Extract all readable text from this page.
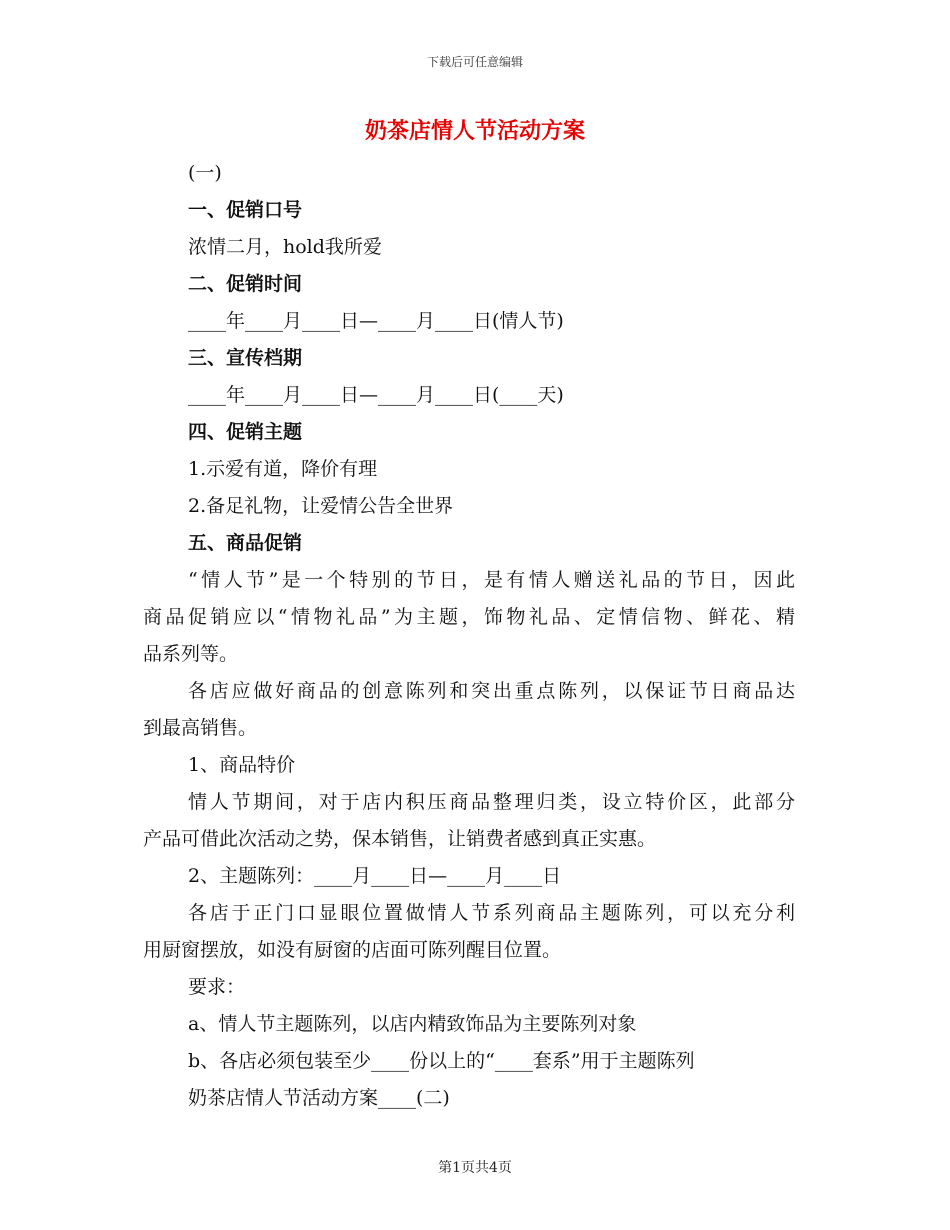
下载后可任意编辑
奶茶店情人节活动方案
(一)
一、促销口号
浓情二月，hold我所爱
二、促销时间
____年____月____日—____月____日(情人节)
三、宣传档期
____年____月____日—____月____日(____天)
四、促销主题
1.示爱有道，降价有理
2.备足礼物，让爱情公告全世界
五、商品促销
“情人节”是一个特别的节日，是有情人赠送礼品的节日，因此
商品促销应以“情物礼品”为主题，饰物礼品、定情信物、鲜花、精
品系列等。
各店应做好商品的创意陈列和突出重点陈列，以保证节日商品达
到最高销售。
1、商品特价
情人节期间，对于店内积压商品整理归类，设立特价区，此部分
产品可借此次活动之势，保本销售，让销费者感到真正实惠。
2、主题陈列：____月____日—____月____日
各店于正门口显眼位置做情人节系列商品主题陈列，可以充分利
用厨窗摆放，如没有厨窗的店面可陈列醒目位置。
要求：
a、情人节主题陈列，以店内精致饰品为主要陈列对象
b、各店必须包装至少____份以上的“____套系”用于主题陈列
奶茶店情人节活动方案____(二)
第1页共4页
